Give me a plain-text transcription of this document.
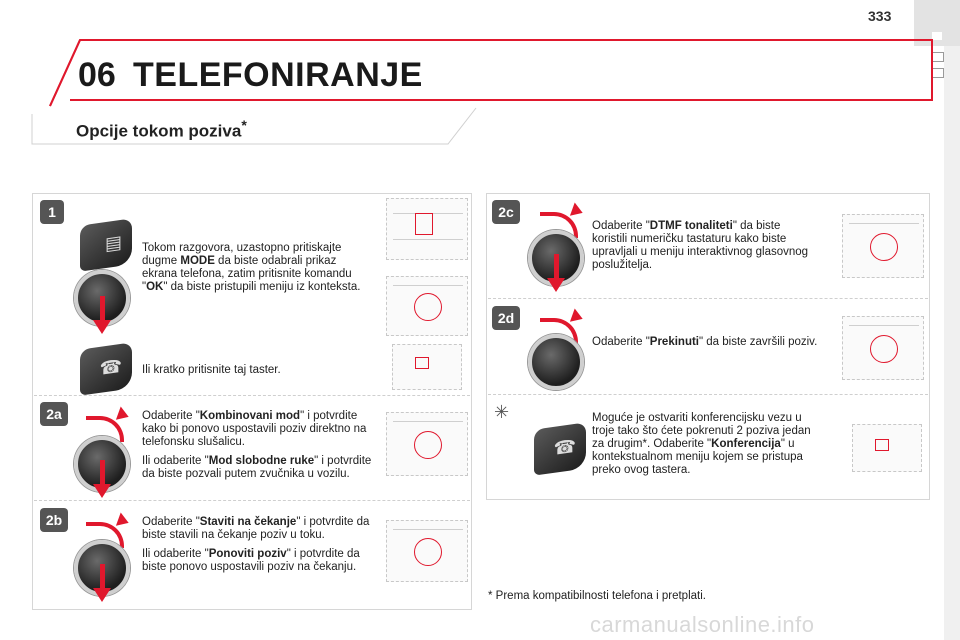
333
06 TELEFONIRANJE
Opcije tokom poziva*
1
▤ Tokom razgovora, uzastopno pritiskajte dugme MODE da biste odabrali prikaz ekrana telefona, zatim pritisnite komandu "OK" da biste pristupili meniju iz konteksta.

☎ Ili kratko pritisnite taj taster.
2a	Odaberite "Kombinovani mod" i potvrdite kako bi ponovo uspostavili poziv direktno na telefonsku slušalicu.

Ili odaberite "Mod slobodne ruke" i potvrdite da biste pozvali putem zvučnika u vozilu.

2b	Odaberite "Staviti na čekanje" i potvrdite da biste stavili na čekanje poziv u toku.

Ili odaberite "Ponoviti poziv" i potvrdite da biste ponovo uspostavili poziv na čekanju.

2c

Odaberite "DTMF tonaliteti" da biste koristili numeričku tastaturu kako biste upravljali u meniju interaktivnog glasovnog poslužitelja.

2d

Odaberite "Prekinuti" da biste završili poziv.

✳
☎

Moguće je ostvariti konferencijsku vezu u troje tako što ćete pokrenuti 2 poziva jedan za drugim*. Odaberite "Konferencija" u kontekstualnom meniju kojem se pristupa preko ovog tastera.

* Prema kompatibilnosti telefona i pretplati.
carmanualsonline.info
